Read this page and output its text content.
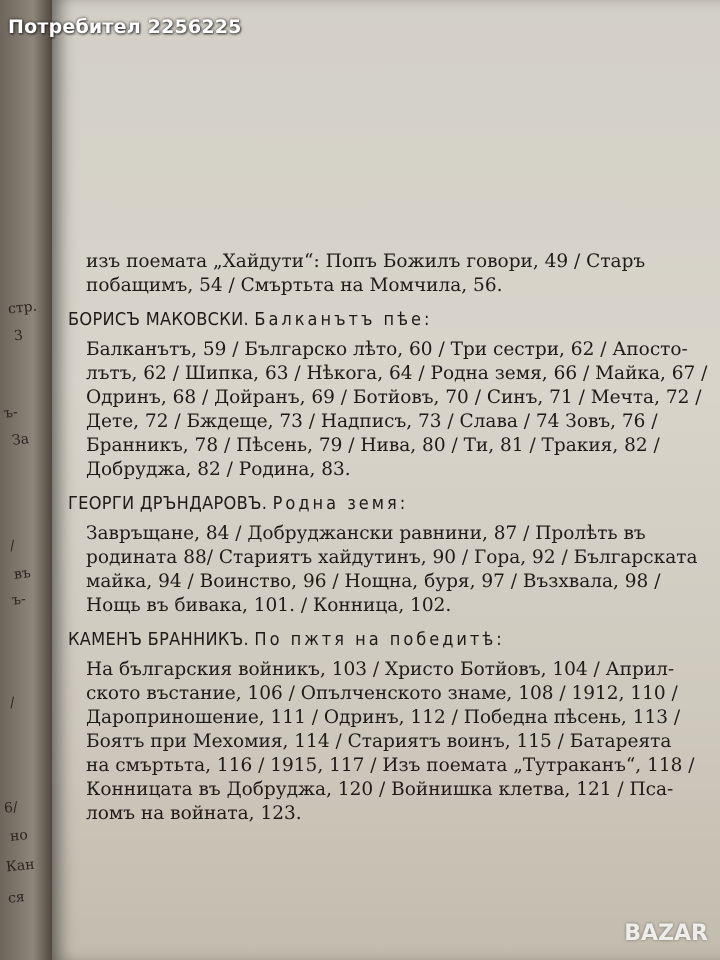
стр.
3
ъ-
За
/
въ
ъ-
/
6/
но
Кан
ся
изъ поемата „Хайдути“: Попъ Божилъ говори, 49 / Старъ
побащимъ, 54 / Смъртьта на Момчила, 56.
БОРИСЪ МАКОВСКИ. Балканътъ пѣе:
Балканътъ, 59 / Българско лѣто, 60 / Три сестри, 62 / Апосто-
лътъ, 62 / Шипка, 63 / Нѣкога, 64 / Родна земя, 66 / Майка, 67 /
Одринъ, 68 / Дойранъ, 69 / Ботйовъ, 70 / Синъ, 71 / Мечта, 72 /
Дете, 72 / Бждеще, 73 / Надписъ, 73 / Слава / 74 Зовъ, 76 /
Бранникъ, 78 / Пѣсень, 79 / Нива, 80 / Ти, 81 / Тракия, 82 /
Добруджа, 82 / Родина, 83.
ГЕОРГИ ДРЪНДАРОВЪ. Родна земя:
Завръщане, 84 / Добруджански равнини, 87 / Пролѣть въ
родината 88/ Стариятъ хайдутинъ, 90 / Гора, 92 / Българската
майка, 94 / Воинство, 96 / Нощна, буря, 97 / Възхвала, 98 /
Нощь въ бивака, 101. / Конница, 102.
КАМЕНЪ БРАННИКЪ. По пжтя на победитѣ:
На българския войникъ, 103 / Христо Ботйовъ, 104 / Април-
ското въстание, 106 / Опълченското знаме, 108 / 1912, 110 /
Дароприношение, 111 / Одринъ, 112 / Победна пѣсень, 113 /
Боятъ при Мехомия, 114 / Стариятъ воинъ, 115 / Батареята
на смъртьта, 116 / 1915, 117 / Изъ поемата „Тутраканъ“, 118 /
Конницата въ Добруджа, 120 / Войнишка клетва, 121 / Пса-
ломъ на войната, 123.
Потребител 2256225
BAZAR
